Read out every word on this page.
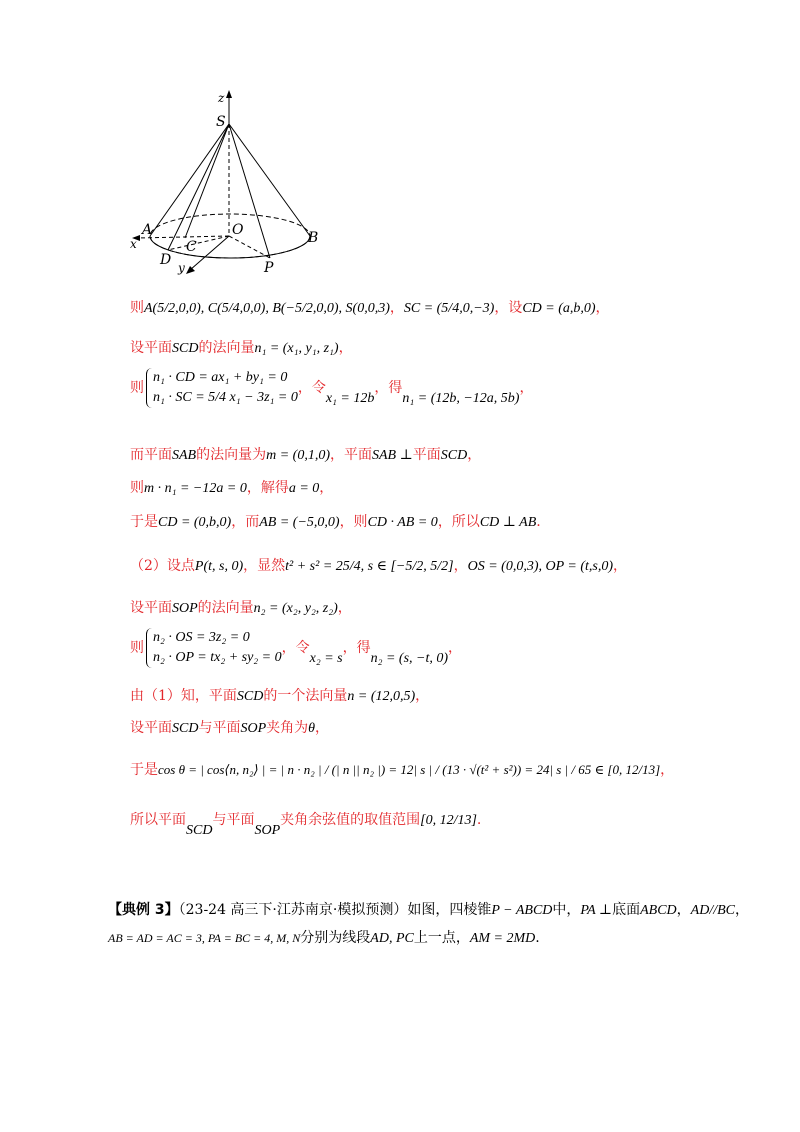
z
S
A
x	C
O	B
D y	P
则A(5/2,0,0), C(5/4,0,0), B(−5/2,0,0), S(0,0,3)，SC = (5/4,0,−3)，设CD = (a,b,0)，
设平面SCD的法向量n₁ = (x₁, y₁, z₁)，
则
n₁ · CD = ax₁ + by₁ = 0
n₁ · SC = 5/4 x₁ − 3z₁ = 0
，令x₁ = 12b，得n₁ = (12b, −12a, 5b)，
而平面SAB的法向量为m = (0,1,0)，平面SAB ⊥平面SCD，
则m · n₁ = −12a = 0，解得a = 0，
于是CD = (0,b,0)，而AB = (−5,0,0)，则CD · AB = 0，所以CD ⊥ AB.
（2）设点P(t, s, 0)，显然t² + s² = 25/4, s ∈ [−5/2, 5/2]，OS = (0,0,3), OP = (t,s,0)，
设平面SOP的法向量n₂ = (x₂, y₂, z₂)，
则
n₂ · OS = 3z₂ = 0
n₂ · OP = tx₂ + sy₂ = 0
，令x₂ = s，得n₂ = (s, −t, 0)，
由（1）知，平面SCD的一个法向量n = (12,0,5)，
设平面SCD与平面SOP夹角为θ，
于是cos θ = | cos⟨n, n₂⟩ | = | n · n₂ | / (| n || n₂ |) = 12| s | / (13 · √(t² + s²)) = 24| s | / 65 ∈ [0, 12/13]，
所以平面SCD与平面SOP夹角余弦值的取值范围[0, 12/13].
【典例 3】（23-24 高三下·江苏南京·模拟预测）如图，四棱锥P − ABCD中，PA ⊥底面ABCD，AD//BC，
AB = AD = AC = 3, PA = BC = 4, M, N分别为线段AD, PC上一点，AM = 2MD.
